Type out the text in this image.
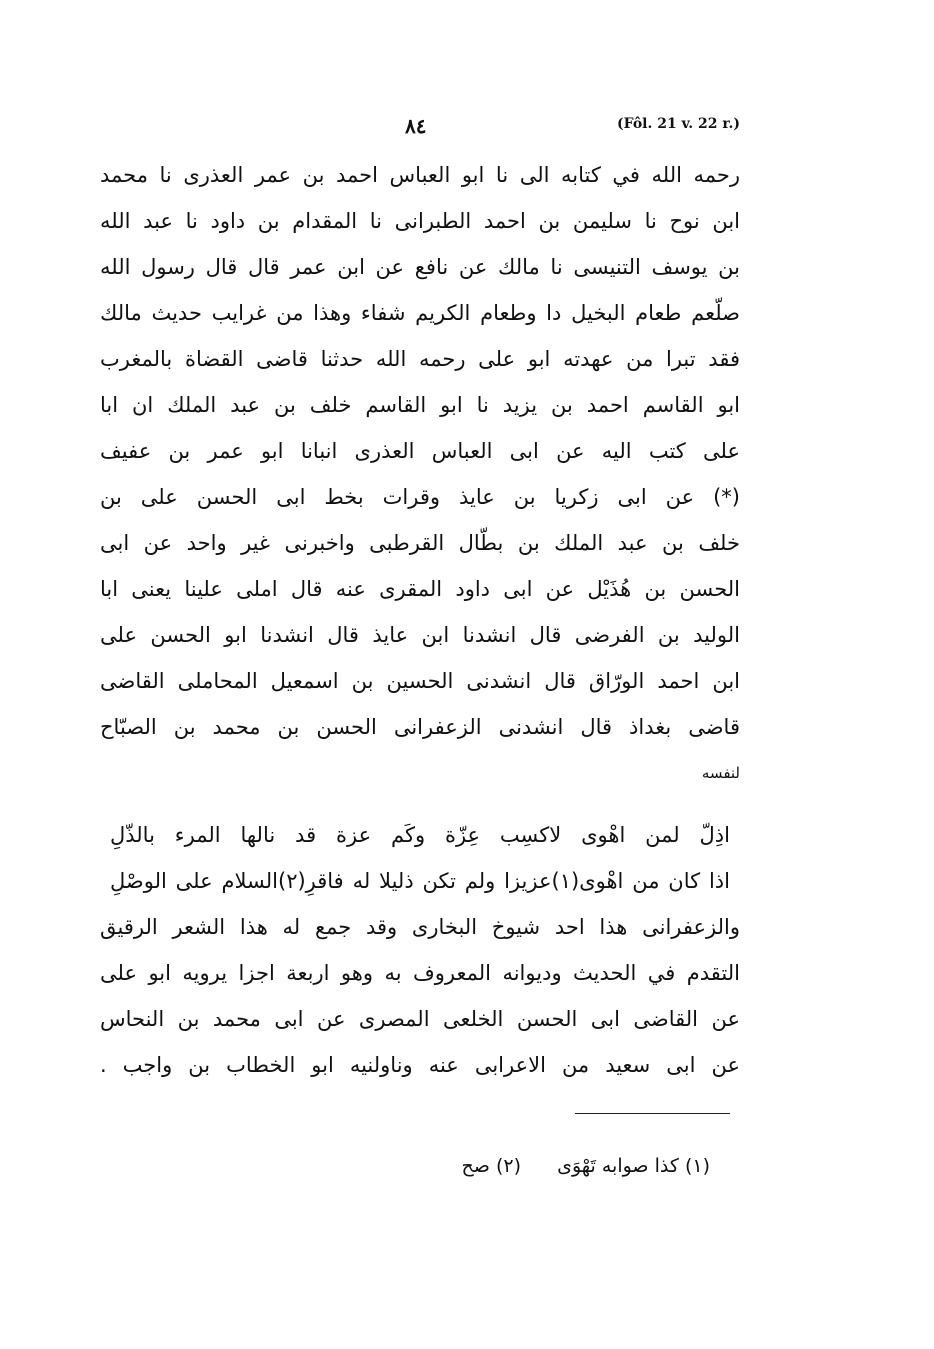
٨٤	(Fôl. 21 v. 22 r.)
رحمه الله في كتابه الى نا ابو العباس احمد بن عمر العذرى نا محمد
ابن نوح نا سليمن بن احمد الطبرانى نا المقدام بن داود نا عبد الله
بن يوسف التنيسى نا مالك عن نافع عن ابن عمر قال قال رسول الله
صلّعم طعام البخيل دا وطعام الكريم شفاء وهذا من غرايب حديث مالك
فقد تبرا من عهدته ابو على رحمه الله حدثنا قاضى القضاة بالمغرب
ابو القاسم احمد بن يزيد نا ابو القاسم خلف بن عبد الملك ان ابا
على كتب اليه عن ابى العباس العذرى انبانا ابو عمر بن عفيف
(*) عن ابى زكريا بن عايذ وقرات بخط ابى الحسن على بن
خلف بن عبد الملك بن بطّال القرطبى واخبرنى غير واحد عن ابى
الحسن بن هُذَيْل عن ابى داود المقرى عنه قال املى علينا يعنى ابا
الوليد بن الفرضى قال انشدنا ابن عايذ قال انشدنا ابو الحسن على
ابن احمد الورّاق قال انشدنى الحسين بن اسمعيل المحاملى القاضى
قاضى بغداذ قال انشدنى الزعفرانى الحسن بن محمد بن الصبّاح
لنفسه
اذِلّ لمن اهْوى لاكسِب عِزّة وكَم عزة قد نالها المرء بالذّلِ
اذا كان من اهْوى(١)عزيزا ولم تكن ذليلا له فاقرِ(٢)السلام على الوصْلِ
والزعفرانى هذا احد شيوخ البخارى وقد جمع له هذا الشعر الرقيق
التقدم في الحديث وديوانه المعروف به وهو اربعة اجزا يرويه ابو على
عن القاضى ابى الحسن الخلعى المصرى عن ابى محمد بن النحاس
عن ابى سعيد من الاعرابى عنه وناولنيه ابو الخطاب بن واجب .
(١) كذا صوابه تَهْوَى (٢) صح
